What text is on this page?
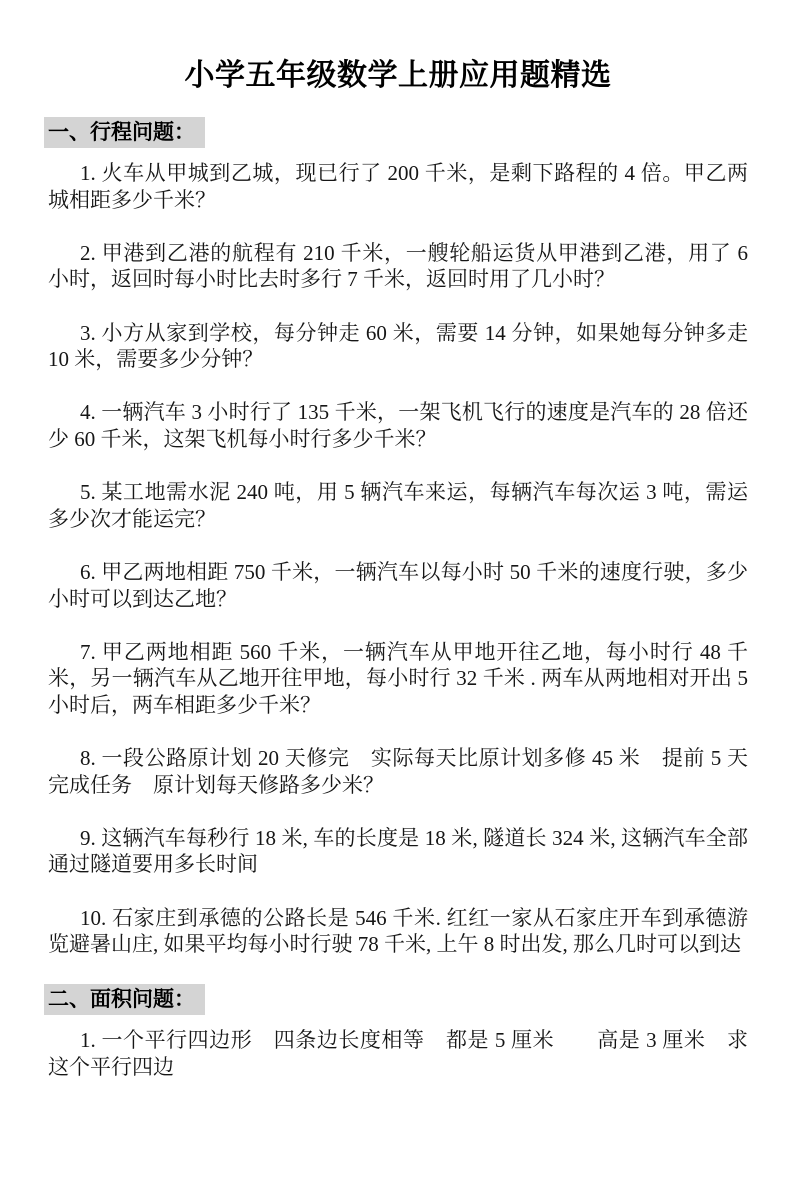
小学五年级数学上册应用题精选
一、行程问题：

1. 火车从甲城到乙城，现已行了 200 千米，是剩下路程的 4 倍。甲乙两城相距多少千米？

2. 甲港到乙港的航程有 210 千米，一艘轮船运货从甲港到乙港，用了 6 小时，返回时每小时比去时多行 7 千米，返回时用了几小时？

3. 小方从家到学校，每分钟走 60 米，需要 14 分钟，如果她每分钟多走 10 米，需要多少分钟？

4. 一辆汽车 3 小时行了 135 千米，一架飞机飞行的速度是汽车的 28 倍还少 60 千米，这架飞机每小时行多少千米？

5. 某工地需水泥 240 吨，用 5 辆汽车来运，每辆汽车每次运 3 吨，需运多少次才能运完？

6. 甲乙两地相距 750 千米，一辆汽车以每小时 50 千米的速度行驶，多少小时可以到达乙地？

7. 甲乙两地相距 560 千米，一辆汽车从甲地开往乙地，每小时行 48 千米，另一辆汽车从乙地开往甲地，每小时行 32 千米 . 两车从两地相对开出 5 小时后，两车相距多少千米？

8. 一段公路原计划 20 天修完　实际每天比原计划多修 45 米　提前 5 天完成任务　原计划每天修路多少米？

9. 这辆汽车每秒行 18 米, 车的长度是 18 米, 隧道长 324 米, 这辆汽车全部通过隧道要用多长时间

10. 石家庄到承德的公路长是 546 千米. 红红一家从石家庄开车到承德游览避暑山庄, 如果平均每小时行驶 78 千米, 上午 8 时出发, 那么几时可以到达

二、面积问题：

1. 一个平行四边形　四条边长度相等　都是 5 厘米　　高是 3 厘米　求这个平行四边
